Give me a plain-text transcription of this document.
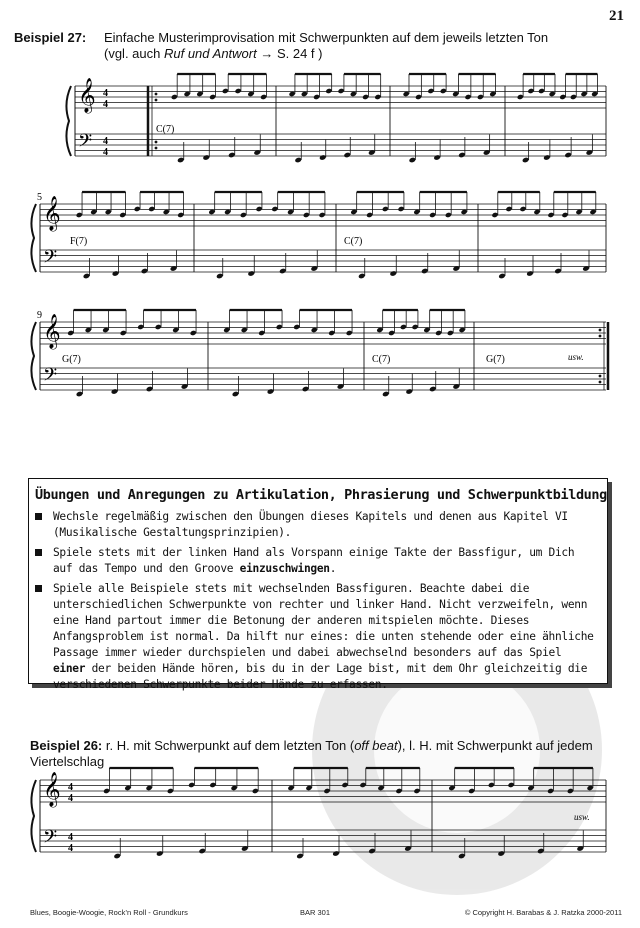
21
Beispiel 27: Einfache Musterimprovisation mit Schwerpunkten auf dem jeweils letzten Ton
(vgl. auch Ruf und Antwort → S. 24 f )
𝄞
𝄢
4
4
4
4
𝄞
𝄢
𝄞
𝄢
5
9
C(7)
F(7)	C(7)
G(7)	C(7)	G(7)	usw.
Übungen und Anregungen zu Artikulation, Phrasierung und Schwerpunktbildung
Wechsle regelmäßig zwischen den Übungen dieses Kapitels und denen aus Kapitel VI (Musikalische Gestaltungsprinzipien).
Spiele stets mit der linken Hand als Vorspann einige Takte der Bassfigur, um Dich auf das Tempo und den Groove einzuschwingen.
Spiele alle Beispiele stets mit wechselnden Bassfiguren. Beachte dabei die unterschiedlichen Schwerpunkte von rechter und linker Hand. Nicht verzweifeln, wenn eine Hand partout immer die Betonung der anderen mitspielen möchte. Dieses Anfangsproblem ist normal. Da hilft nur eines: die unten stehende oder eine ähnliche Passage immer wieder durchspielen und dabei abwechselnd besonders auf das Spiel einer der beiden Hände hören, bis du in der Lage bist, mit dem Ohr gleichzeitig die verschiedenen Schwerpunkte beider Hände zu erfassen.
Beispiel 26: r. H. mit Schwerpunkt auf dem letzten Ton (off beat), l. H. mit Schwerpunkt auf jedem Viertelschlag
𝄞
𝄢
4
4
4
4
usw.
Blues, Boogie-Woogie, Rock’n Roll - Grundkurs	BAR 301	© Copyright H. Barabas & J. Ratzka 2000-2011
